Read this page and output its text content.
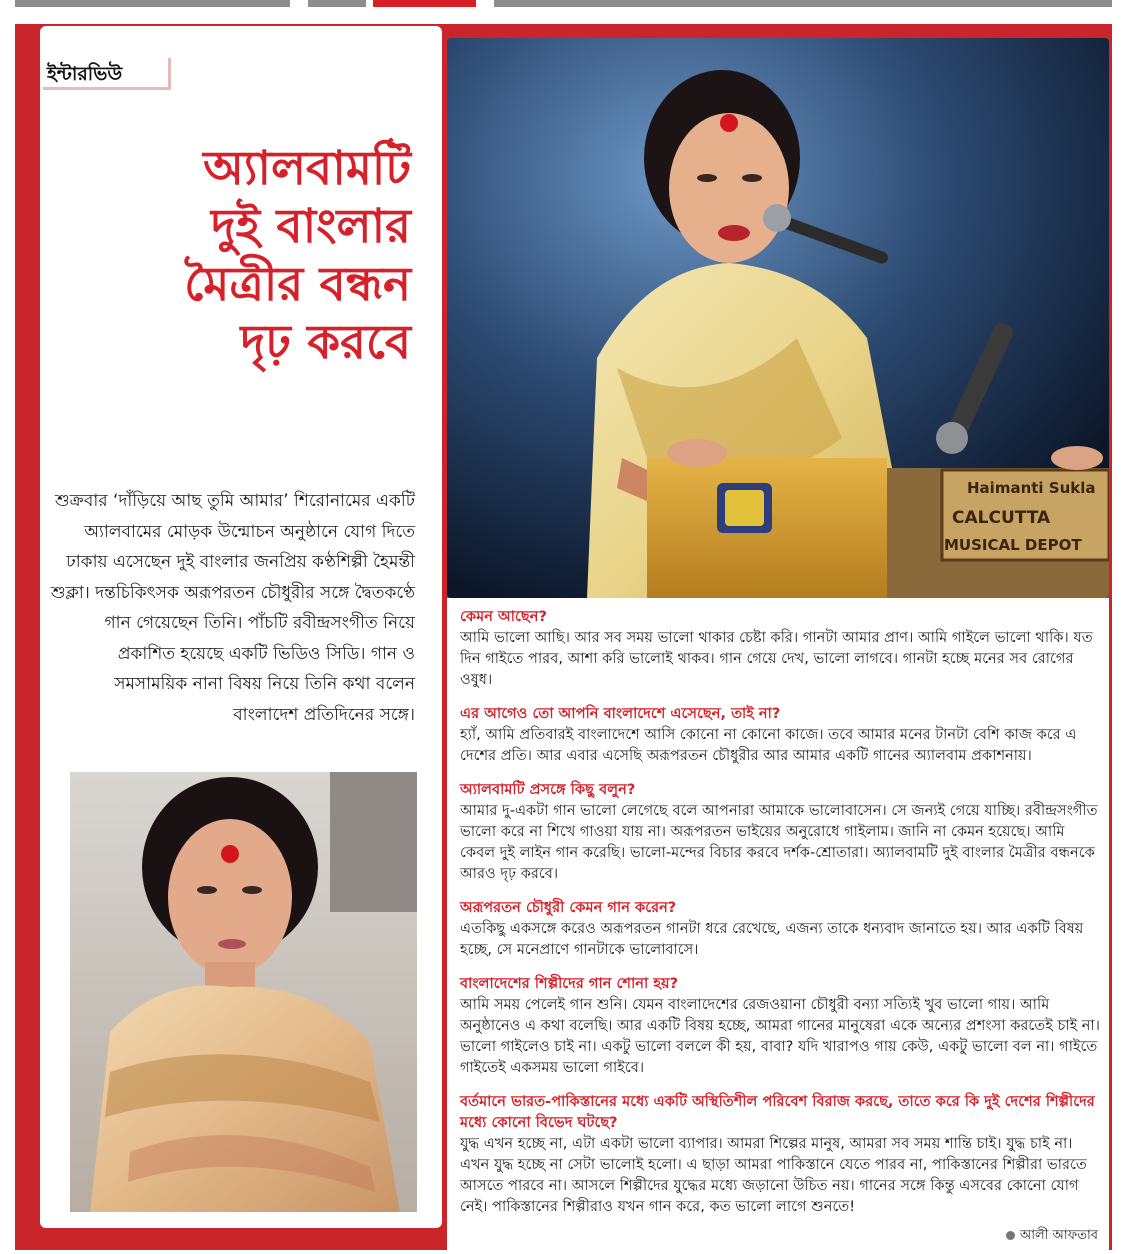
ইন্টারভিউ
অ্যালবামটি
দুই বাংলার
মৈত্রীর বন্ধন
দৃঢ় করবে

শুক্রবার ‘দাঁড়িয়ে আছ তুমি আমার’ শিরোনামের একটি অ্যালবামের মোড়ক উন্মোচন অনুষ্ঠানে যোগ দিতে ঢাকায় এসেছেন দুই বাংলার জনপ্রিয় কণ্ঠশিল্পী হৈমন্তী শুক্লা। দন্তচিকিৎসক অরূপরতন চৌধুরীর সঙ্গে দ্বৈতকণ্ঠে গান গেয়েছেন তিনি। পাঁচটি রবীন্দ্রসংগীত নিয়ে প্রকাশিত হয়েছে একটি ভিডিও সিডি। গান ও সমসাময়িক নানা বিষয় নিয়ে তিনি কথা বলেন বাংলাদেশ প্রতিদিনের সঙ্গে।

Haimanti Sukla
CALCUTTA
MUSICAL DEPOT
কেমন আছেন?
আমি ভালো আছি। আর সব সময় ভালো থাকার চেষ্টা করি। গানটা আমার প্রাণ। আমি গাইলে ভালো থাকি। যত দিন গাইতে পারব, আশা করি ভালোই থাকব। গান গেয়ে দেখ, ভালো লাগবে। গানটা হচ্ছে মনের সব রোগের ওষুধ।
এর আগেও তো আপনি বাংলাদেশে এসেছেন, তাই না?
হ্যাঁ, আমি প্রতিবারই বাংলাদেশে আসি কোনো না কোনো কাজে। তবে আমার মনের টানটা বেশি কাজ করে এ দেশের প্রতি। আর এবার এসেছি অরূপরতন চৌধুরীর আর আমার একটি গানের অ্যালবাম প্রকাশনায়।
অ্যালবামটি প্রসঙ্গে কিছু বলুন?
আমার দু-একটা গান ভালো লেগেছে বলে আপনারা আমাকে ভালোবাসেন। সে জন্যই গেয়ে যাচ্ছি। রবীন্দ্রসংগীত ভালো করে না শিখে গাওয়া যায় না। অরূপরতন ভাইয়ের অনুরোধে গাইলাম। জানি না কেমন হয়েছে। আমি কেবল দুই লাইন গান করেছি। ভালো-মন্দের বিচার করবে দর্শক-শ্রোতারা। অ্যালবামটি দুই বাংলার মৈত্রীর বন্ধনকে আরও দৃঢ় করবে।
অরূপরতন চৌধুরী কেমন গান করেন?
এতকিছু একসঙ্গে করেও অরূপরতন গানটা ধরে রেখেছে, এজন্য তাকে ধন্যবাদ জানাতে হয়। আর একটি বিষয় হচ্ছে, সে মনেপ্রাণে গানটাকে ভালোবাসে।
বাংলাদেশের শিল্পীদের গান শোনা হয়?
আমি সময় পেলেই গান শুনি। যেমন বাংলাদেশের রেজওয়ানা চৌধুরী বন্যা সত্যিই খুব ভালো গায়। আমি অনুষ্ঠানেও এ কথা বলেছি। আর একটি বিষয় হচ্ছে, আমরা গানের মানুষেরা একে অন্যের প্রশংসা করতেই চাই না। ভালো গাইলেও চাই না। একটু ভালো বললে কী হয়, বাবা? যদি খারাপও গায় কেউ, একটু ভালো বল না। গাইতে গাইতেই একসময় ভালো গাইবে।
বর্তমানে ভারত-পাকিস্তানের মধ্যে একটি অস্থিতিশীল পরিবেশ বিরাজ করছে, তাতে করে কি দুই দেশের শিল্পীদের মধ্যে কোনো বিভেদ ঘটছে?
যুদ্ধ এখন হচ্ছে না, এটা একটা ভালো ব্যাপার। আমরা শিল্পের মানুষ, আমরা সব সময় শান্তি চাই। যুদ্ধ চাই না। এখন যুদ্ধ হচ্ছে না সেটা ভালোই হলো। এ ছাড়া আমরা পাকিস্তানে যেতে পারব না, পাকিস্তানের শিল্পীরা ভারতে আসতে পারবে না। আসলে শিল্পীদের যুদ্ধের মধ্যে জড়ানো উচিত নয়। গানের সঙ্গে কিন্তু এসবের কোনো যোগ নেই। পাকিস্তানের শিল্পীরাও যখন গান করে, কত ভালো লাগে শুনতে!
আলী আফতাব
